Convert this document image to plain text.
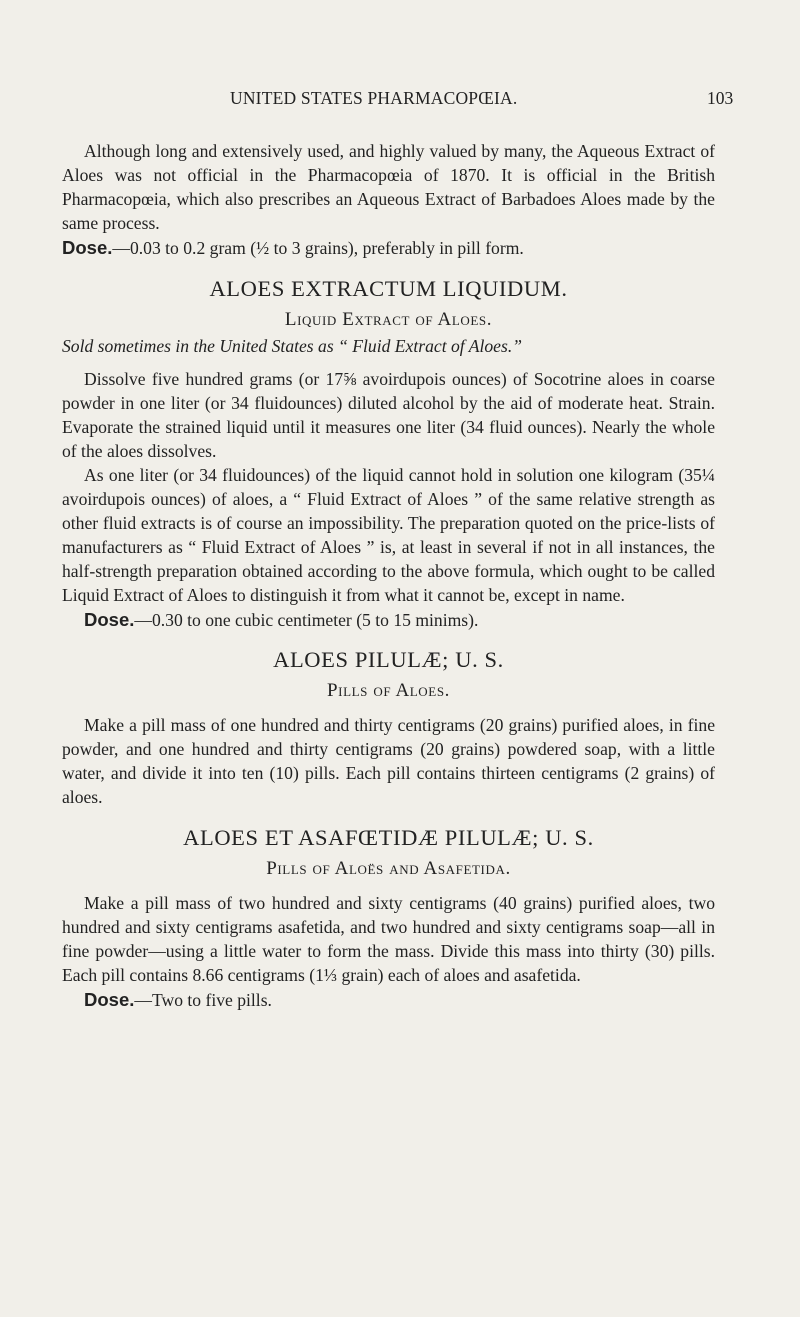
UNITED STATES PHARMACOPŒIA.	103

Although long and extensively used, and highly valued by many, the Aqueous Extract of Aloes was not official in the Pharmacopœia of 1870. It is official in the British Pharmacopœia, which also prescribes an Aqueous Extract of Barbadoes Aloes made by the same process.
Dose.—0.03 to 0.2 gram (½ to 3 grains), preferably in pill form.

ALOES EXTRACTUM LIQUIDUM.
Liquid Extract of Aloes.

Sold sometimes in the United States as “ Fluid Extract of Aloes.”

Dissolve five hundred grams (or 17⅝ avoirdupois ounces) of Socotrine aloes in coarse powder in one liter (or 34 fluidounces) diluted alcohol by the aid of moderate heat. Strain. Evaporate the strained liquid until it measures one liter (34 fluid ounces). Nearly the whole of the aloes dissolves.

As one liter (or 34 fluidounces) of the liquid cannot hold in solution one kilogram (35¼ avoirdupois ounces) of aloes, a “ Fluid Extract of Aloes ” of the same relative strength as other fluid extracts is of course an impossibility. The preparation quoted on the price-lists of manufacturers as “ Fluid Extract of Aloes ” is, at least in several if not in all instances, the half-strength preparation obtained according to the above formula, which ought to be called Liquid Extract of Aloes to distinguish it from what it cannot be, except in name.

Dose.—0.30 to one cubic centimeter (5 to 15 minims).

ALOES PILULÆ; U. S.
Pills of Aloes.

Make a pill mass of one hundred and thirty centigrams (20 grains) purified aloes, in fine powder, and one hundred and thirty centigrams (20 grains) powdered soap, with a little water, and divide it into ten (10) pills. Each pill contains thirteen centigrams (2 grains) of aloes.

ALOES ET ASAFŒTIDÆ PILULÆ; U. S.
Pills of Aloës and Asafetida.

Make a pill mass of two hundred and sixty centigrams (40 grains) purified aloes, two hundred and sixty centigrams asafetida, and two hundred and sixty centigrams soap—all in fine powder—using a little water to form the mass. Divide this mass into thirty (30) pills. Each pill contains 8.66 centigrams (1⅓ grain) each of aloes and asafetida.

Dose.—Two to five pills.
